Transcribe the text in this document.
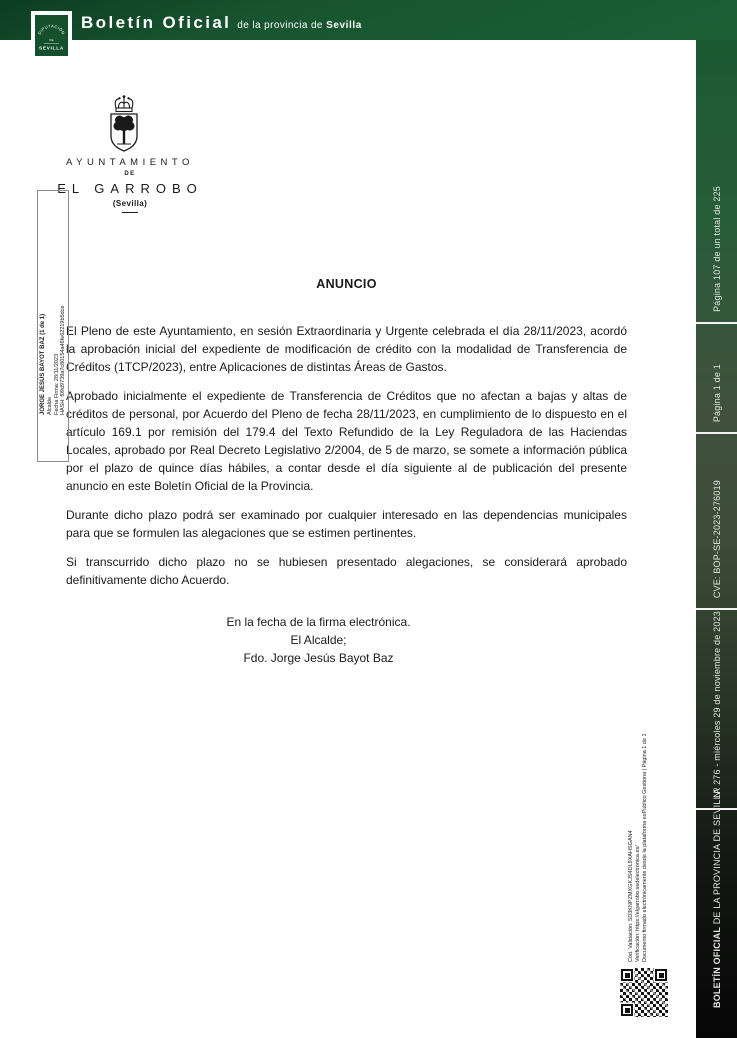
DIPUTACIÓN
DE
SEVILLA
Boletín Oficial de la provincia de Sevilla
Página 107 de un total de 225
Página 1 de 1
CVE: BOP-SE-2023-276019
Nº 276 - miércoles 29 de noviembre de 2023
BOLETÍN OFICIAL DE LA PROVINCIA DE SEVILLA
AYUNTAMIENTO
DE
EL GARROBO
(Sevilla)
ANUNCIO

El Pleno de este Ayuntamiento, en sesión Extraordinaria y Urgente celebrada el día 28/11/2023, acordó la aprobación inicial del expediente de modificación de crédito con la modalidad de Transferencia de Créditos (1TCP/2023), entre Aplicaciones de distintas Áreas de Gastos.

Aprobado inicialmente el expediente de Transferencia de Créditos que no afectan a bajas y altas de créditos de personal, por Acuerdo del Pleno de fecha 28/11/2023, en cumplimiento de lo dispuesto en el artículo 169.1 por remisión del 179.4 del Texto Refundido de la Ley Reguladora de las Haciendas Locales, aprobado por Real Decreto Legislativo 2/2004, de 5 de marzo, se somete a información pública por el plazo de quince días hábiles, a contar desde el día siguiente al de publicación del presente anuncio en este Boletín Oficial de la Provincia.

Durante dicho plazo podrá ser examinado por cualquier interesado en las dependencias municipales para que se formulen las alegaciones que se estimen pertinentes.

Si transcurrido dicho plazo no se hubiesen presentado alegaciones, se considerará aprobado definitivamente dicho Acuerdo.

En la fecha de la firma electrónica.
El Alcalde;
Fdo. Jorge Jesús Bayot Baz
JORGE JESÚS BAYOT BAZ (1 de 1) Alcalde Fecha Firma: 28/11/2023 HASH: f09d9739a7c80154a46fe62219b5dce
Cód. Validación: 5D3KNPZMXGKJS4DL9XAHSGAN4 Verificación: https://elgarrobo.sedelectronica.es/ Documento firmado electrónicamente desde la plataforma esPublico Gestiona | Página 1 de 1
